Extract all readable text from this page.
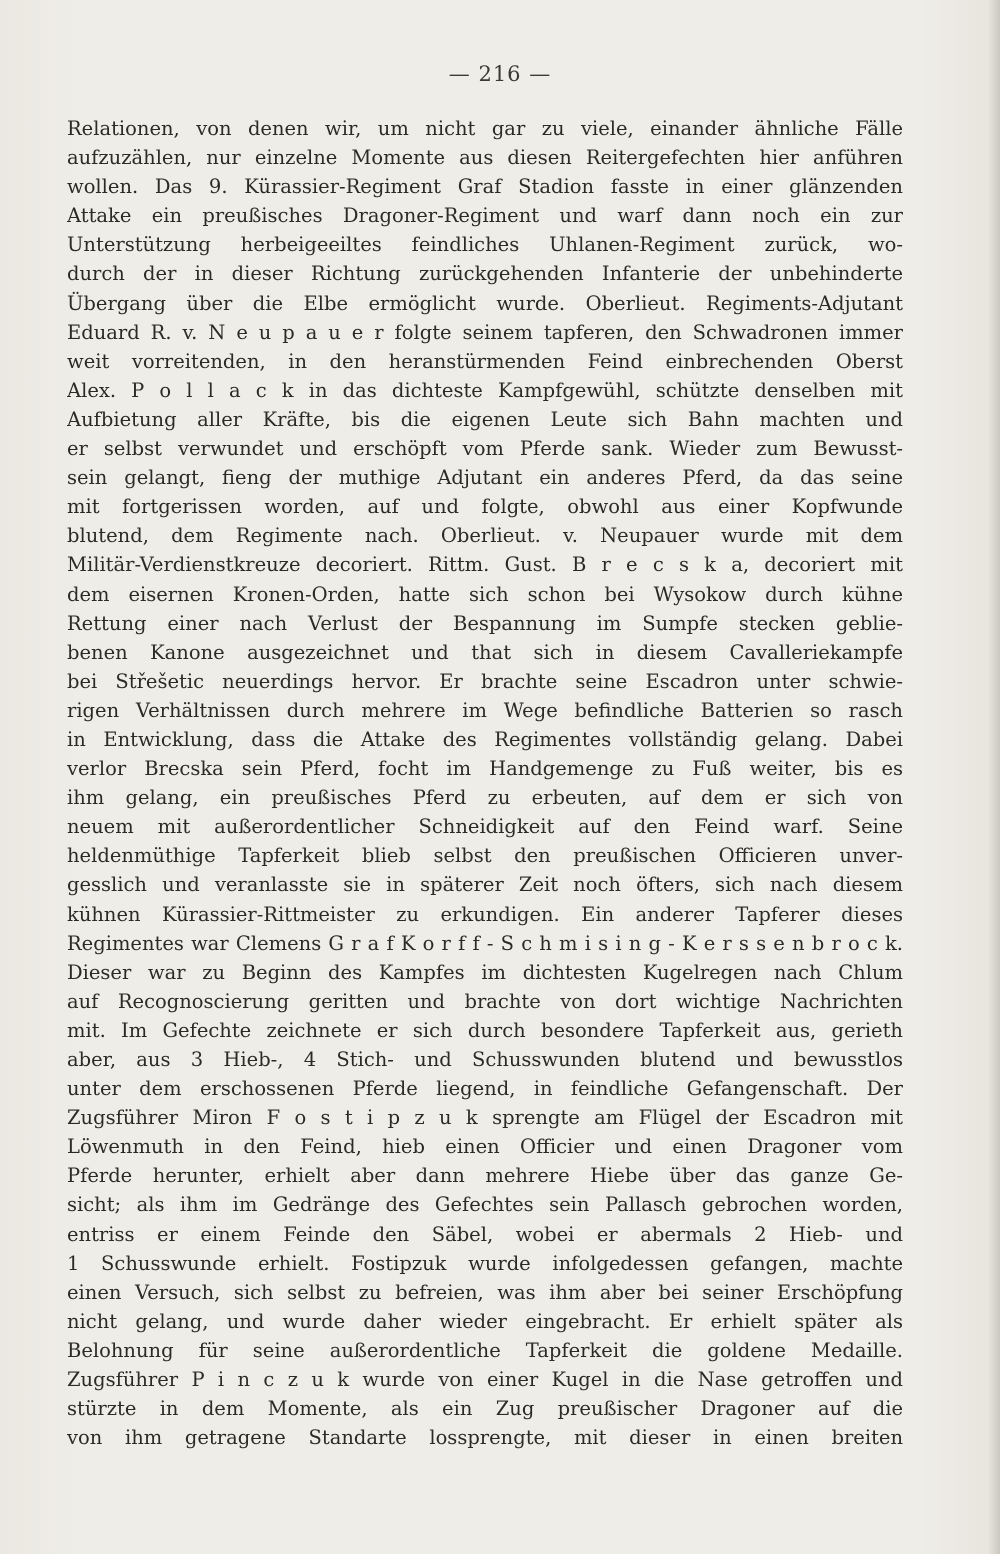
— 216 —
Relationen, von denen wir, um nicht gar zu viele, einander ähnliche Fälle
aufzuzählen, nur einzelne Momente aus diesen Reitergefechten hier anführen
wollen. Das 9. Kürassier-Regiment Graf Stadion fasste in einer glänzenden
Attake ein preußisches Dragoner-Regiment und warf dann noch ein zur
Unterstützung herbeigeeiltes feindliches Uhlanen-Regiment zurück, wo-
durch der in dieser Richtung zurückgehenden Infanterie der unbehinderte
Übergang über die Elbe ermöglicht wurde. Oberlieut. Regiments-Adjutant
Eduard R. v. N e u p a u e r folgte seinem tapferen, den Schwadronen immer
weit vorreitenden, in den heranstürmenden Feind einbrechenden Oberst
Alex. P o l l a c k in das dichteste Kampfgewühl, schützte denselben mit
Aufbietung aller Kräfte, bis die eigenen Leute sich Bahn machten und
er selbst verwundet und erschöpft vom Pferde sank. Wieder zum Bewusst-
sein gelangt, fieng der muthige Adjutant ein anderes Pferd, da das seine
mit fortgerissen worden, auf und folgte, obwohl aus einer Kopfwunde
blutend, dem Regimente nach. Oberlieut. v. Neupauer wurde mit dem
Militär-Verdienstkreuze decoriert. Rittm. Gust. B r e c s k a, decoriert mit
dem eisernen Kronen-Orden, hatte sich schon bei Wysokow durch kühne
Rettung einer nach Verlust der Bespannung im Sumpfe stecken geblie-
benen Kanone ausgezeichnet und that sich in diesem Cavalleriekampfe
bei Střešetic neuerdings hervor. Er brachte seine Escadron unter schwie-
rigen Verhältnissen durch mehrere im Wege befindliche Batterien so rasch
in Entwicklung, dass die Attake des Regimentes vollständig gelang. Dabei
verlor Brecska sein Pferd, focht im Handgemenge zu Fuß weiter, bis es
ihm gelang, ein preußisches Pferd zu erbeuten, auf dem er sich von
neuem mit außerordentlicher Schneidigkeit auf den Feind warf. Seine
heldenmüthige Tapferkeit blieb selbst den preußischen Officieren unver-
gesslich und veranlasste sie in späterer Zeit noch öfters, sich nach diesem
kühnen Kürassier-Rittmeister zu erkundigen. Ein anderer Tapferer dieses
Regimentes war Clemens G r a f K o r f f - S c h m i s i n g - K e r s s e n b r o c k.
Dieser war zu Beginn des Kampfes im dichtesten Kugelregen nach Chlum
auf Recognoscierung geritten und brachte von dort wichtige Nachrichten
mit. Im Gefechte zeichnete er sich durch besondere Tapferkeit aus, gerieth
aber, aus 3 Hieb-, 4 Stich- und Schusswunden blutend und bewusstlos
unter dem erschossenen Pferde liegend, in feindliche Gefangenschaft. Der
Zugsführer Miron F o s t i p z u k sprengte am Flügel der Escadron mit
Löwenmuth in den Feind, hieb einen Officier und einen Dragoner vom
Pferde herunter, erhielt aber dann mehrere Hiebe über das ganze Ge-
sicht; als ihm im Gedränge des Gefechtes sein Pallasch gebrochen worden,
entriss er einem Feinde den Säbel, wobei er abermals 2 Hieb- und
1 Schusswunde erhielt. Fostipzuk wurde infolgedessen gefangen, machte
einen Versuch, sich selbst zu befreien, was ihm aber bei seiner Erschöpfung
nicht gelang, und wurde daher wieder eingebracht. Er erhielt später als
Belohnung für seine außerordentliche Tapferkeit die goldene Medaille.
Zugsführer P i n c z u k wurde von einer Kugel in die Nase getroffen und
stürzte in dem Momente, als ein Zug preußischer Dragoner auf die
von ihm getragene Standarte lossprengte, mit dieser in einen breiten
